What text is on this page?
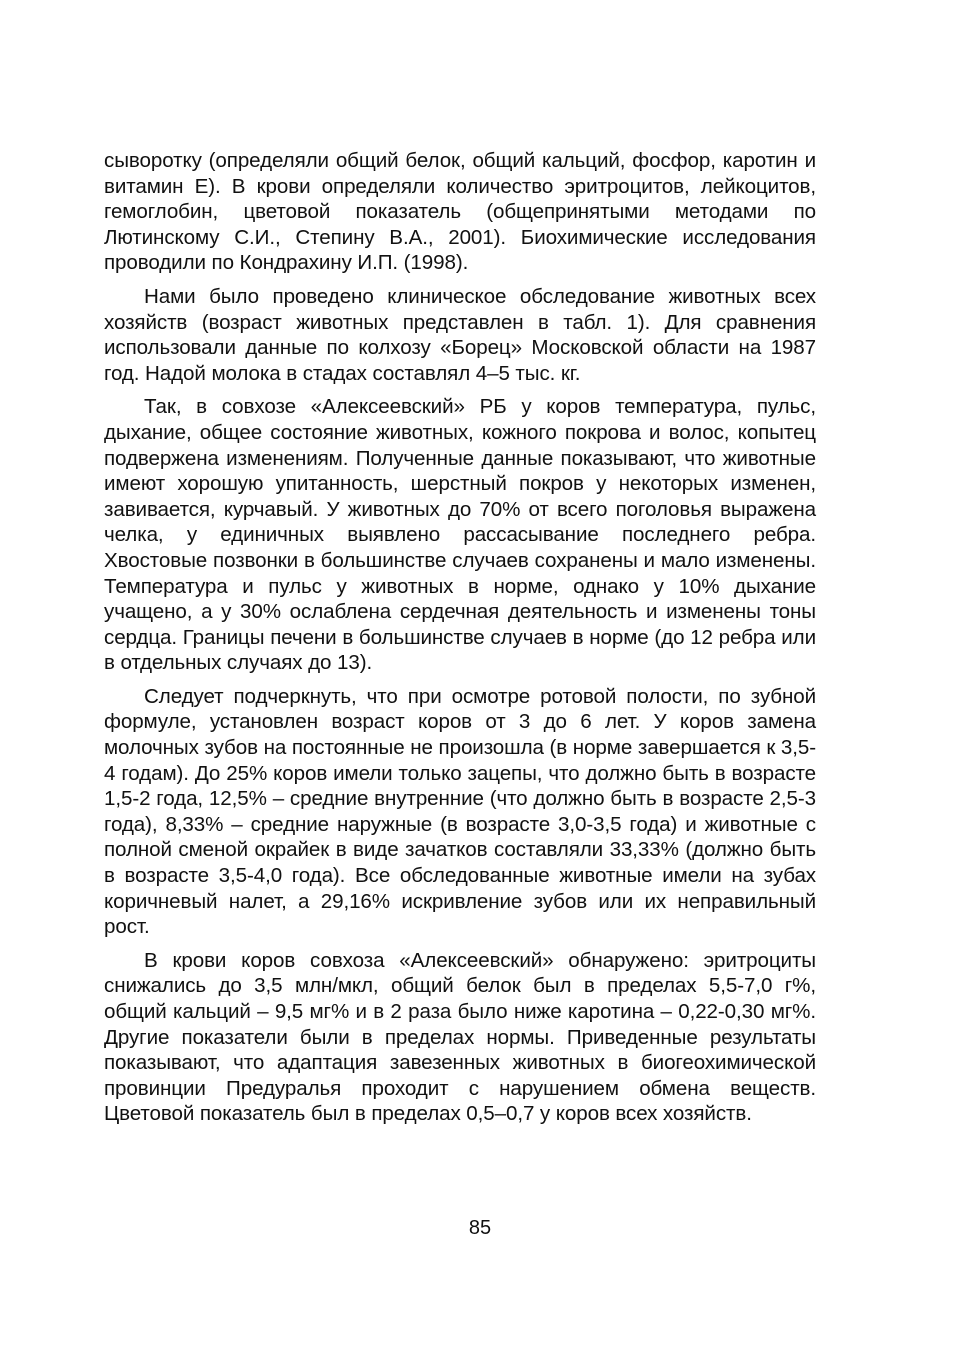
сыворотку (определяли общий белок, общий кальций, фосфор, каротин и витамин Е). В крови определяли количество эритроцитов, лейкоцитов, гемоглобин, цветовой показатель (общепринятыми методами по Лютинскому С.И., Степину В.А., 2001). Биохимические исследования проводили по Кондрахину И.П. (1998).

Нами было проведено клиническое обследование животных всех хозяйств (возраст животных представлен в табл. 1). Для сравнения использовали данные по колхозу «Борец» Московской области на 1987 год. Надой молока в стадах составлял 4–5 тыс. кг.

Так, в совхозе «Алексеевский» РБ у коров температура, пульс, дыхание, общее состояние животных, кожного покрова и волос, копытец подвержена изменениям. Полученные данные показывают, что животные имеют хорошую упитанность, шерстный покров у некоторых изменен, завивается, курчавый. У животных до 70% от всего поголовья выражена челка, у единичных выявлено рассасывание последнего ребра. Хвостовые позвонки в большинстве случаев сохранены и мало изменены. Температура и пульс у животных в норме, однако у 10% дыхание учащено, а у 30% ослаблена сердечная деятельность и изменены тоны сердца. Границы печени в большинстве случаев в норме (до 12 ребра или в отдельных случаях до 13).

Следует подчеркнуть, что при осмотре ротовой полости, по зубной формуле, установлен возраст коров от 3 до 6 лет. У коров замена молочных зубов на постоянные не произошла (в норме завершается к 3,5-4 годам). До 25% коров имели только зацепы, что должно быть в возрасте 1,5-2 года, 12,5% – средние внутренние (что должно быть в возрасте 2,5-3 года), 8,33% – средние наружные (в возрасте 3,0-3,5 года) и животные с полной сменой окрайек в виде зачатков составляли 33,33% (должно быть в возрасте 3,5-4,0 года). Все обследованные животные имели на зубах коричневый налет, а 29,16% искривление зубов или их неправильный рост.

В крови коров совхоза «Алексеевский» обнаружено: эритроциты снижались до 3,5 млн/мкл, общий белок был в пределах 5,5-7,0 г%, общий кальций – 9,5 мг% и в 2 раза было ниже каротина – 0,22-0,30 мг%. Другие показатели были в пределах нормы. Приведенные результаты показывают, что адаптация завезенных животных в биогеохимической провинции Предуралья проходит с нарушением обмена веществ. Цветовой показатель был в пределах 0,5–0,7 у коров всех хозяйств.

85
